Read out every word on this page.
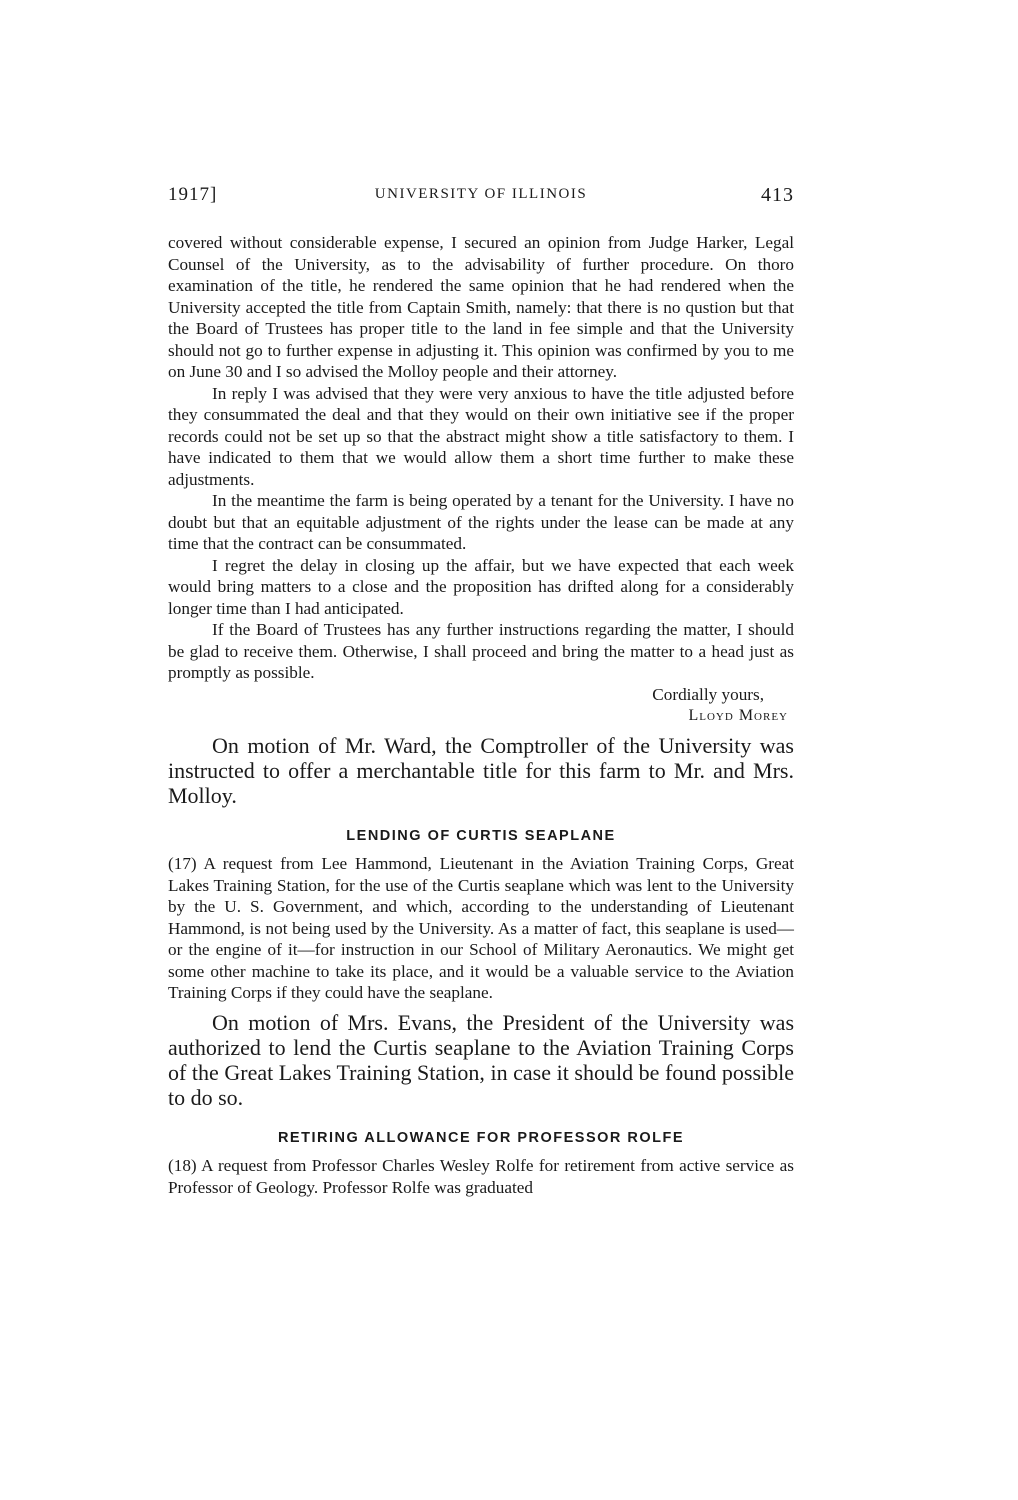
1917]	UNIVERSITY OF ILLINOIS	413

covered without considerable expense, I secured an opinion from Judge Harker, Legal Counsel of the University, as to the advisability of further procedure. On thoro examination of the title, he rendered the same opinion that he had rendered when the University accepted the title from Captain Smith, namely: that there is no qustion but that the Board of Trustees has proper title to the land in fee simple and that the University should not go to further expense in adjusting it. This opinion was confirmed by you to me on June 30 and I so advised the Molloy people and their attorney.

In reply I was advised that they were very anxious to have the title adjusted before they consummated the deal and that they would on their own initiative see if the proper records could not be set up so that the abstract might show a title satisfactory to them. I have indicated to them that we would allow them a short time further to make these adjustments.

In the meantime the farm is being operated by a tenant for the University. I have no doubt but that an equitable adjustment of the rights under the lease can be made at any time that the contract can be consummated.

I regret the delay in closing up the affair, but we have expected that each week would bring matters to a close and the proposition has drifted along for a considerably longer time than I had anticipated.

If the Board of Trustees has any further instructions regarding the matter, I should be glad to receive them. Otherwise, I shall proceed and bring the matter to a head just as promptly as possible.

Cordially yours,

Lloyd Morey

On motion of Mr. Ward, the Comptroller of the University was instructed to offer a merchantable title for this farm to Mr. and Mrs. Molloy.

LENDING OF CURTIS SEAPLANE

(17) A request from Lee Hammond, Lieutenant in the Aviation Training Corps, Great Lakes Training Station, for the use of the Curtis seaplane which was lent to the University by the U. S. Government, and which, according to the understanding of Lieutenant Hammond, is not being used by the University. As a matter of fact, this seaplane is used—or the engine of it—for instruction in our School of Military Aeronautics. We might get some other machine to take its place, and it would be a valuable service to the Aviation Training Corps if they could have the seaplane.

On motion of Mrs. Evans, the President of the University was authorized to lend the Curtis seaplane to the Aviation Training Corps of the Great Lakes Training Station, in case it should be found possible to do so.

RETIRING ALLOWANCE FOR PROFESSOR ROLFE

(18) A request from Professor Charles Wesley Rolfe for retirement from active service as Professor of Geology. Professor Rolfe was graduated
